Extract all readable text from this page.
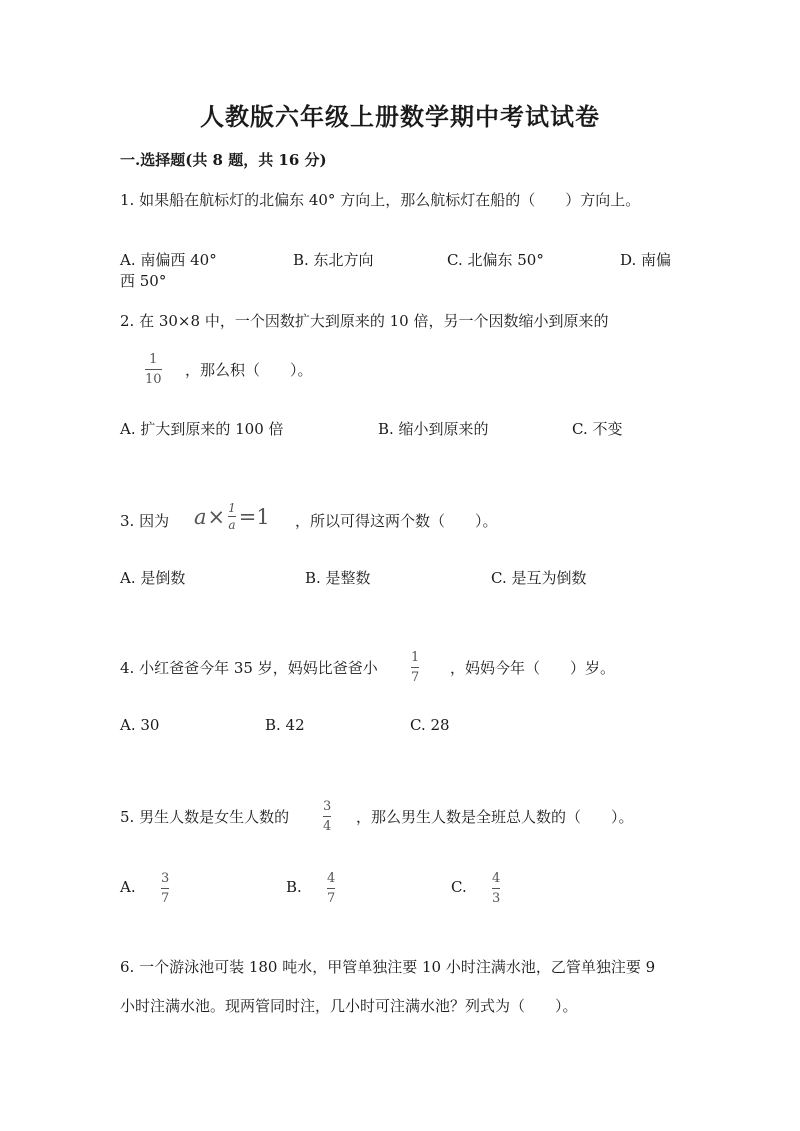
人教版六年级上册数学期中考试试卷
一.选择题(共 8 题，共 16 分)
1. 如果船在航标灯的北偏东 40° 方向上，那么航标灯在船的（　　）方向上。
A. 南偏西 40°	B. 东北方向	C. 北偏东 50°	D. 南偏
西 50°
2. 在 30×8 中，一个因数扩大到原来的 10 倍，另一个因数缩小到原来的
1
10
，那么积（　　）。
A. 扩大到原来的 100 倍	B. 缩小到原来的	C. 不变
3. 因为 $a \times \frac{1}{a} =1$ ，所以可得这两个数（　　）。
A. 是倒数	B. 是整数	C. 是互为倒数
4. 小红爸爸今年 35 岁，妈妈比爸爸小
1
7
，妈妈今年（　　）岁。
A. 30	B. 42	C. 28
5. 男生人数是女生人数的
3
4
，那么男生人数是全班总人数的（　　）。
A. 3
7
B. 4
7
C. 4
3
6. 一个游泳池可装 180 吨水，甲管单独注要 10 小时注满水池，乙管单独注要 9
小时注满水池。现两管同时注，几小时可注满水池？列式为（　　）。
